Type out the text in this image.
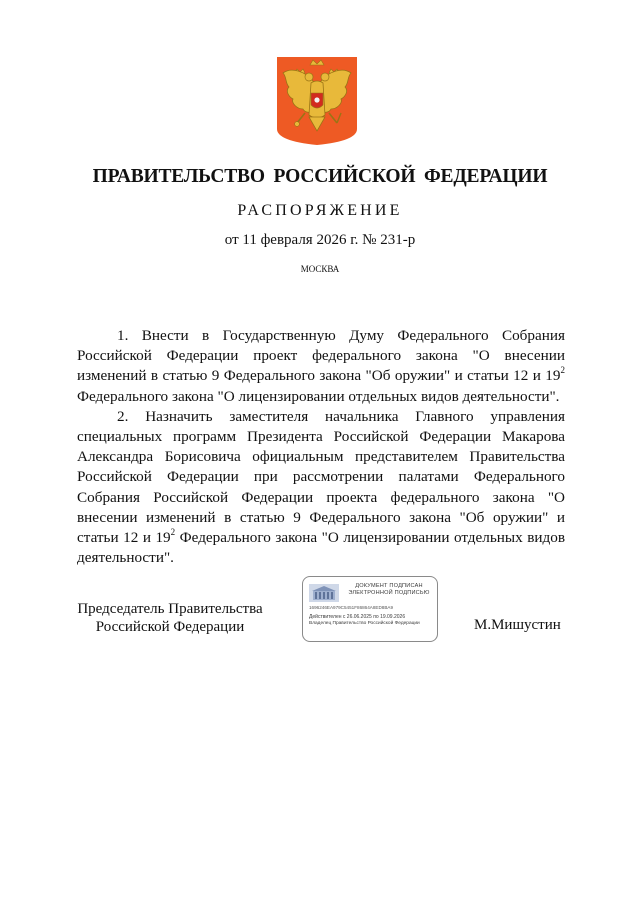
ПРАВИТЕЛЬСТВО РОССИЙСКОЙ ФЕДЕРАЦИИ
РАСПОРЯЖЕНИЕ
от 11 февраля 2026 г. № 231-р
МОСКВА

1. Внести в Государственную Думу Федерального Собрания Российской Федерации проект федерального закона "О внесении изменений в статью 9 Федерального закона "Об оружии" и статьи 12 и $19^2$ Федерального закона "О лицензировании отдельных видов деятельности".

2. Назначить заместителя начальника Главного управления специальных программ Президента Российской Федерации Макарова Александра Борисовича официальным представителем Правительства Российской Федерации при рассмотрении палатами Федерального Собрания Российской Федерации проекта федерального закона "О внесении изменений в статью 9 Федерального закона "Об оружии" и статьи 12 и $19^2$ Федерального закона "О лицензировании отдельных видов деятельности".

Председатель Правительства
Российской Федерации
ДОКУМЕНТ ПОДПИСАН
ЭЛЕКТРОННОЙ ПОДПИСЬЮ
1696246EA979C5451F86864A8ED8BA9
Действителен с 26.06.2025 по 19.09.2026
Владелец Правительство Российской Федерации	М.Мишустин
